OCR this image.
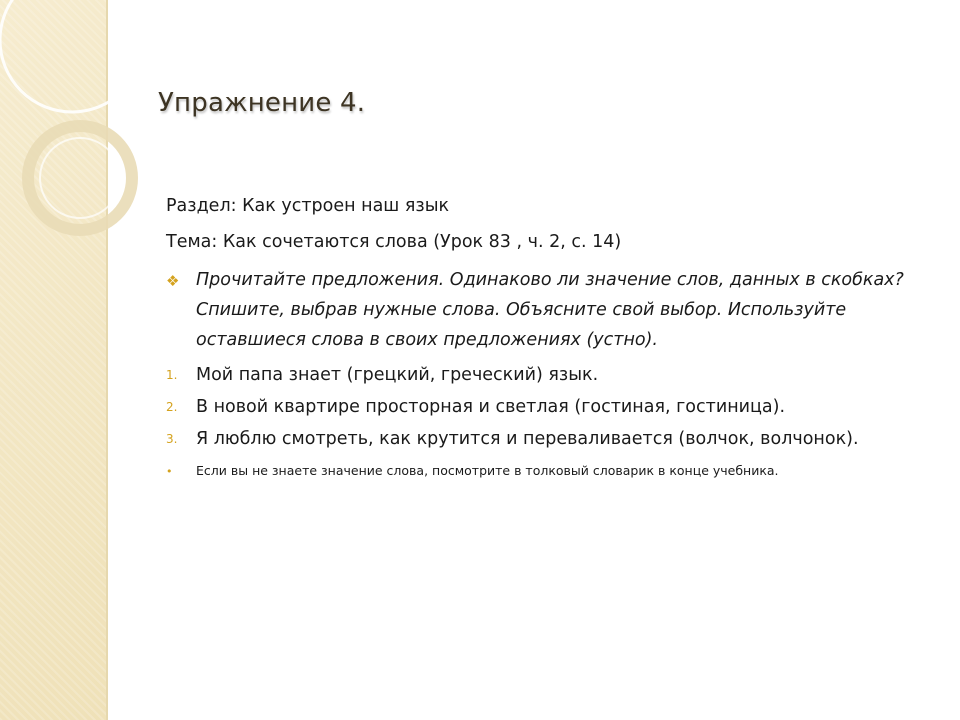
Упражнение 4.
Раздел: Как устроен наш язык
Тема: Как сочетаются слова (Урок 83 , ч. 2, с. 14)
❖ Прочитайте предложения. Одинаково ли значение слов, данных в скобках? Спишите, выбрав нужные слова. Объясните свой выбор. Используйте оставшиеся слова в своих предложениях (устно).
1. Мой папа знает (грецкий, греческий) язык.
2. В новой квартире просторная и светлая (гостиная, гостиница).
3. Я люблю смотреть, как крутится и переваливается (волчок, волчонок).
• Если вы не знаете значение слова, посмотрите в толковый словарик в конце учебника.
